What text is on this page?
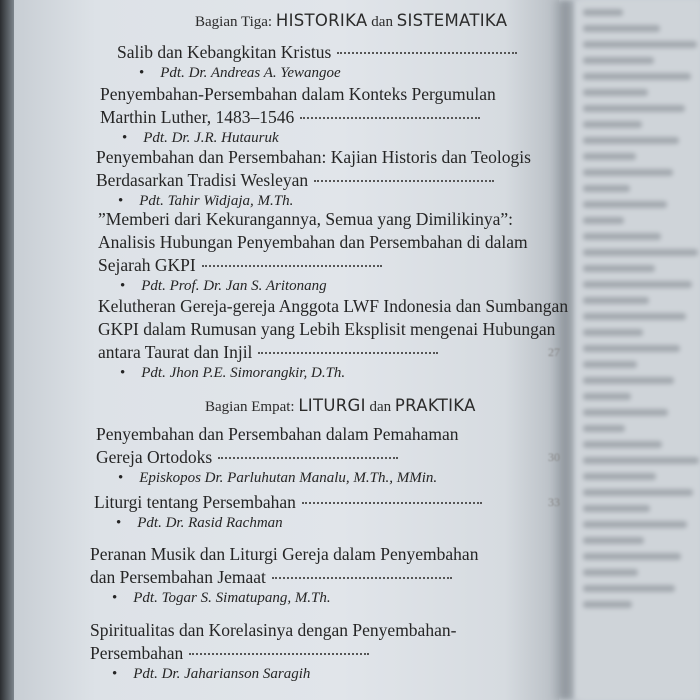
Bagian Tiga: HISTORIKA dan SISTEMATIKA
Bagian Empat: LITURGI dan PRAKTIKA
Salib dan Kebangkitan Kristus
• Pdt. Dr. Andreas A. Yewangoe
Penyembahan-Persembahan dalam Konteks Pergumulan
Marthin Luther, 1483–1546
• Pdt. Dr. J.R. Hutauruk
Penyembahan dan Persembahan: Kajian Historis dan Teologis
Berdasarkan Tradisi Wesleyan
• Pdt. Tahir Widjaja, M.Th.
”Memberi dari Kekurangannya, Semua yang Dimilikinya”:
Analisis Hubungan Penyembahan dan Persembahan di dalam
Sejarah GKPI
• Pdt. Prof. Dr. Jan S. Aritonang
Kelutheran Gereja-gereja Anggota LWF Indonesia dan Sumbangan
GKPI dalam Rumusan yang Lebih Eksplisit mengenai Hubungan
antara Taurat dan Injil
• Pdt. Jhon P.E. Simorangkir, D.Th.
27
Penyembahan dan Persembahan dalam Pemahaman
Gereja Ortodoks
• Episkopos Dr. Parluhutan Manalu, M.Th., MMin.
30
Liturgi tentang Persembahan
• Pdt. Dr. Rasid Rachman
33
Peranan Musik dan Liturgi Gereja dalam Penyembahan
dan Persembahan Jemaat
• Pdt. Togar S. Simatupang, M.Th.
Spiritualitas dan Korelasinya dengan Penyembahan-
Persembahan
• Pdt. Dr. Jaharianson Saragih
